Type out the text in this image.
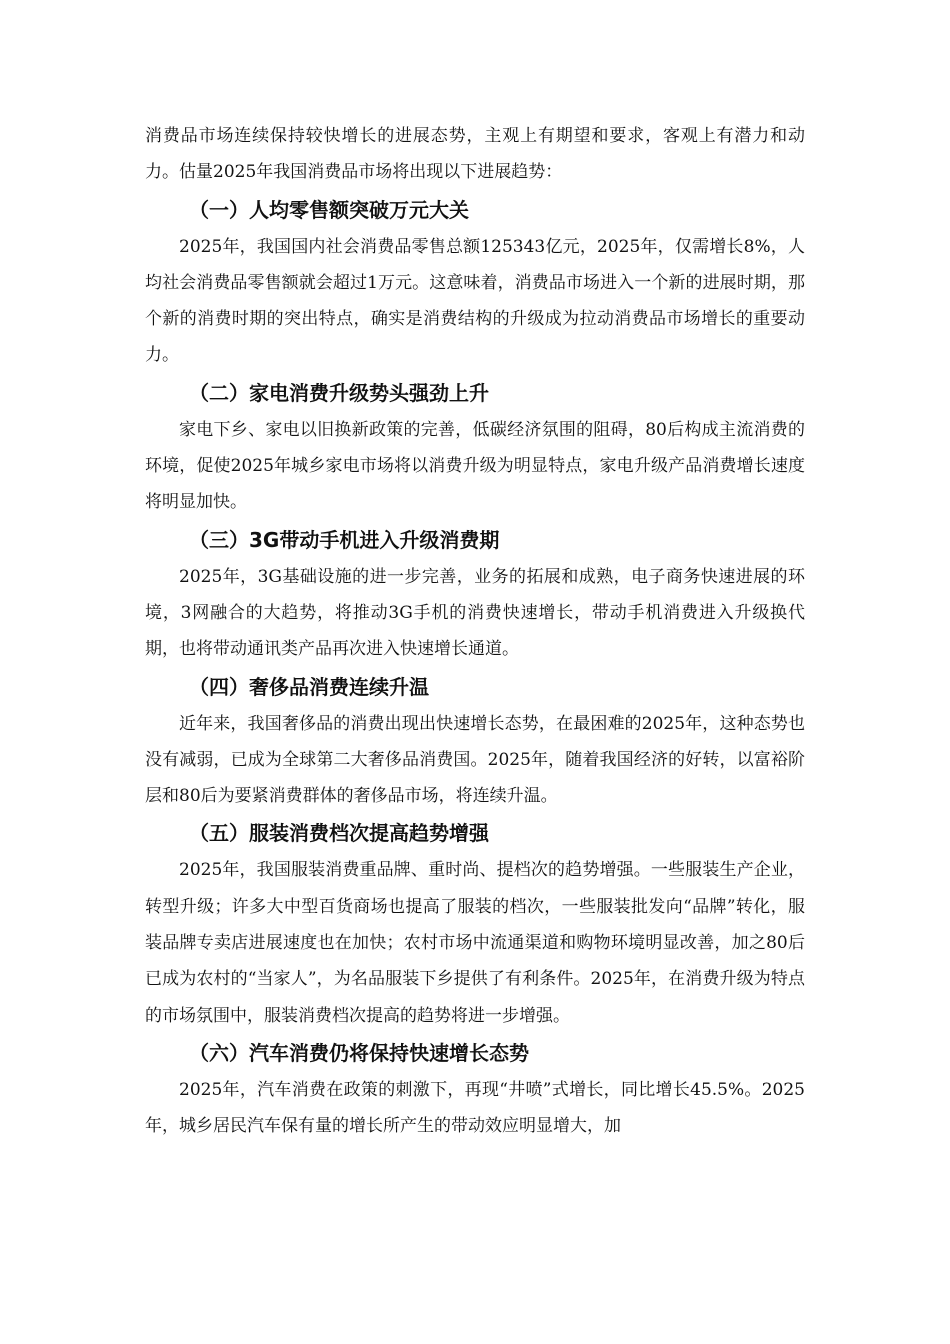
消费品市场连续保持较快增长的进展态势，主观上有期望和要求，客观上有潜力和动力。估量2025年我国消费品市场将出现以下进展趋势：

（一）人均零售额突破万元大关

2025年，我国国内社会消费品零售总额125343亿元，2025年，仅需增长8%，人均社会消费品零售额就会超过1万元。这意味着，消费品市场进入一个新的进展时期，那个新的消费时期的突出特点，确实是消费结构的升级成为拉动消费品市场增长的重要动力。

（二）家电消费升级势头强劲上升

家电下乡、家电以旧换新政策的完善，低碳经济氛围的阻碍，80后构成主流消费的环境，促使2025年城乡家电市场将以消费升级为明显特点，家电升级产品消费增长速度将明显加快。

（三）3G带动手机进入升级消费期

2025年，3G基础设施的进一步完善，业务的拓展和成熟，电子商务快速进展的环境，3网融合的大趋势，将推动3G手机的消费快速增长，带动手机消费进入升级换代期，也将带动通讯类产品再次进入快速增长通道。

（四）奢侈品消费连续升温

近年来，我国奢侈品的消费出现出快速增长态势，在最困难的2025年，这种态势也没有减弱，已成为全球第二大奢侈品消费国。2025年，随着我国经济的好转，以富裕阶层和80后为要紧消费群体的奢侈品市场，将连续升温。

（五）服装消费档次提高趋势增强

2025年，我国服装消费重品牌、重时尚、提档次的趋势增强。一些服装生产企业，转型升级；许多大中型百货商场也提高了服装的档次，一些服装批发向“品牌”转化，服装品牌专卖店进展速度也在加快；农村市场中流通渠道和购物环境明显改善，加之80后已成为农村的“当家人”，为名品服装下乡提供了有利条件。2025年，在消费升级为特点的市场氛围中，服装消费档次提高的趋势将进一步增强。

（六）汽车消费仍将保持快速增长态势

2025年，汽车消费在政策的刺激下，再现“井喷”式增长，同比增长45.5%。2025年，城乡居民汽车保有量的增长所产生的带动效应明显增大，加
